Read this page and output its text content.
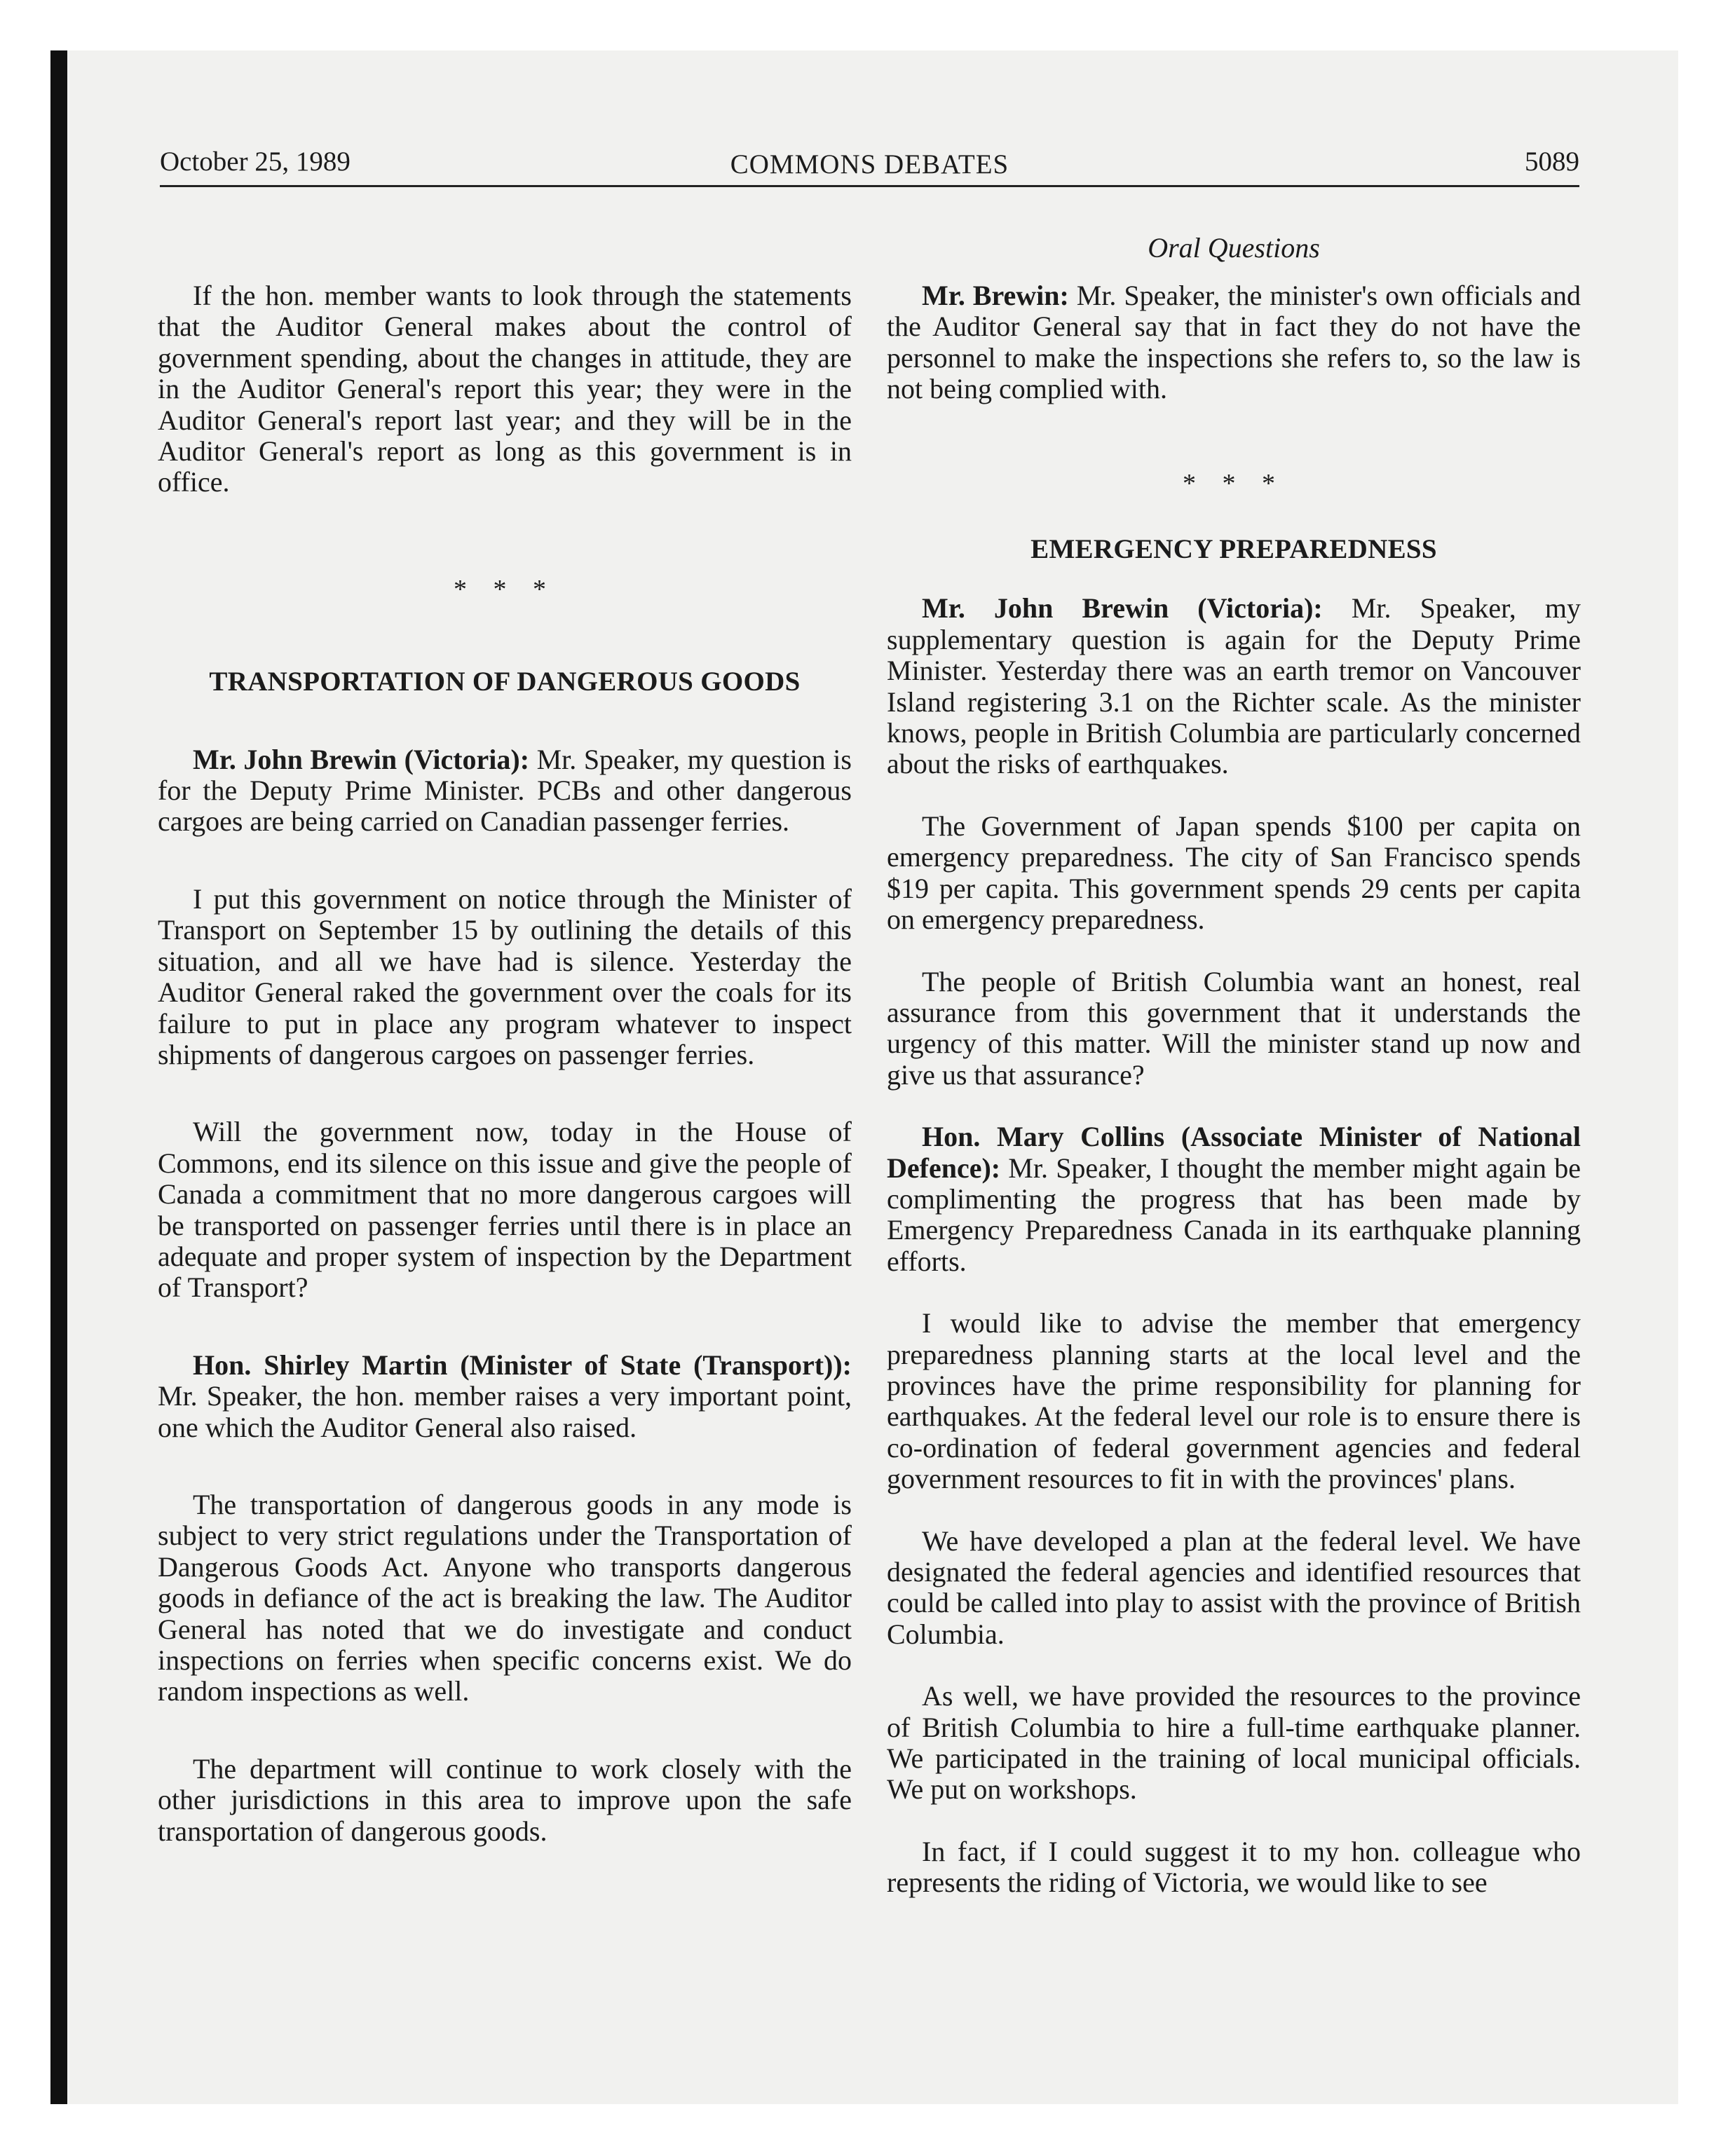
October 25, 1989	COMMONS DEBATES	5089
Oral Questions

If the hon. member wants to look through the statements that the Auditor General makes about the control of government spending, about the changes in attitude, they are in the Auditor General's report this year; they were in the Auditor General's report last year; and they will be in the Auditor General's report as long as this government is in office.

* * *
TRANSPORTATION OF DANGEROUS GOODS

Mr. John Brewin (Victoria): Mr. Speaker, my question is for the Deputy Prime Minister. PCBs and other dangerous cargoes are being carried on Canadian passenger ferries.

I put this government on notice through the Minister of Transport on September 15 by outlining the details of this situation, and all we have had is silence. Yesterday the Auditor General raked the government over the coals for its failure to put in place any program whatever to inspect shipments of dangerous cargoes on passenger ferries.

Will the government now, today in the House of Commons, end its silence on this issue and give the people of Canada a commitment that no more dangerous cargoes will be transported on passenger ferries until there is in place an adequate and proper system of inspection by the Department of Transport?

Hon. Shirley Martin (Minister of State (Transport)): Mr. Speaker, the hon. member raises a very important point, one which the Auditor General also raised.

The transportation of dangerous goods in any mode is subject to very strict regulations under the Transportation of Dangerous Goods Act. Anyone who transports dangerous goods in defiance of the act is breaking the law. The Auditor General has noted that we do investigate and conduct inspections on ferries when specific concerns exist. We do random inspections as well.

The department will continue to work closely with the other jurisdictions in this area to improve upon the safe transportation of dangerous goods.

Mr. Brewin: Mr. Speaker, the minister's own officials and the Auditor General say that in fact they do not have the personnel to make the inspections she refers to, so the law is not being complied with.

* * *
EMERGENCY PREPAREDNESS

Mr. John Brewin (Victoria): Mr. Speaker, my supplementary question is again for the Deputy Prime Minister. Yesterday there was an earth tremor on Vancouver Island registering 3.1 on the Richter scale. As the minister knows, people in British Columbia are particularly concerned about the risks of earthquakes.

The Government of Japan spends $100 per capita on emergency preparedness. The city of San Francisco spends $19 per capita. This government spends 29 cents per capita on emergency preparedness.

The people of British Columbia want an honest, real assurance from this government that it understands the urgency of this matter. Will the minister stand up now and give us that assurance?

Hon. Mary Collins (Associate Minister of National Defence): Mr. Speaker, I thought the member might again be complimenting the progress that has been made by Emergency Preparedness Canada in its earthquake planning efforts.

I would like to advise the member that emergency preparedness planning starts at the local level and the provinces have the prime responsibility for planning for earthquakes. At the federal level our role is to ensure there is co-ordination of federal government agencies and federal government resources to fit in with the provinces' plans.

We have developed a plan at the federal level. We have designated the federal agencies and identified resources that could be called into play to assist with the province of British Columbia.

As well, we have provided the resources to the province of British Columbia to hire a full-time earthquake planner. We participated in the training of local municipal officials. We put on workshops.

In fact, if I could suggest it to my hon. colleague who represents the riding of Victoria, we would like to see
